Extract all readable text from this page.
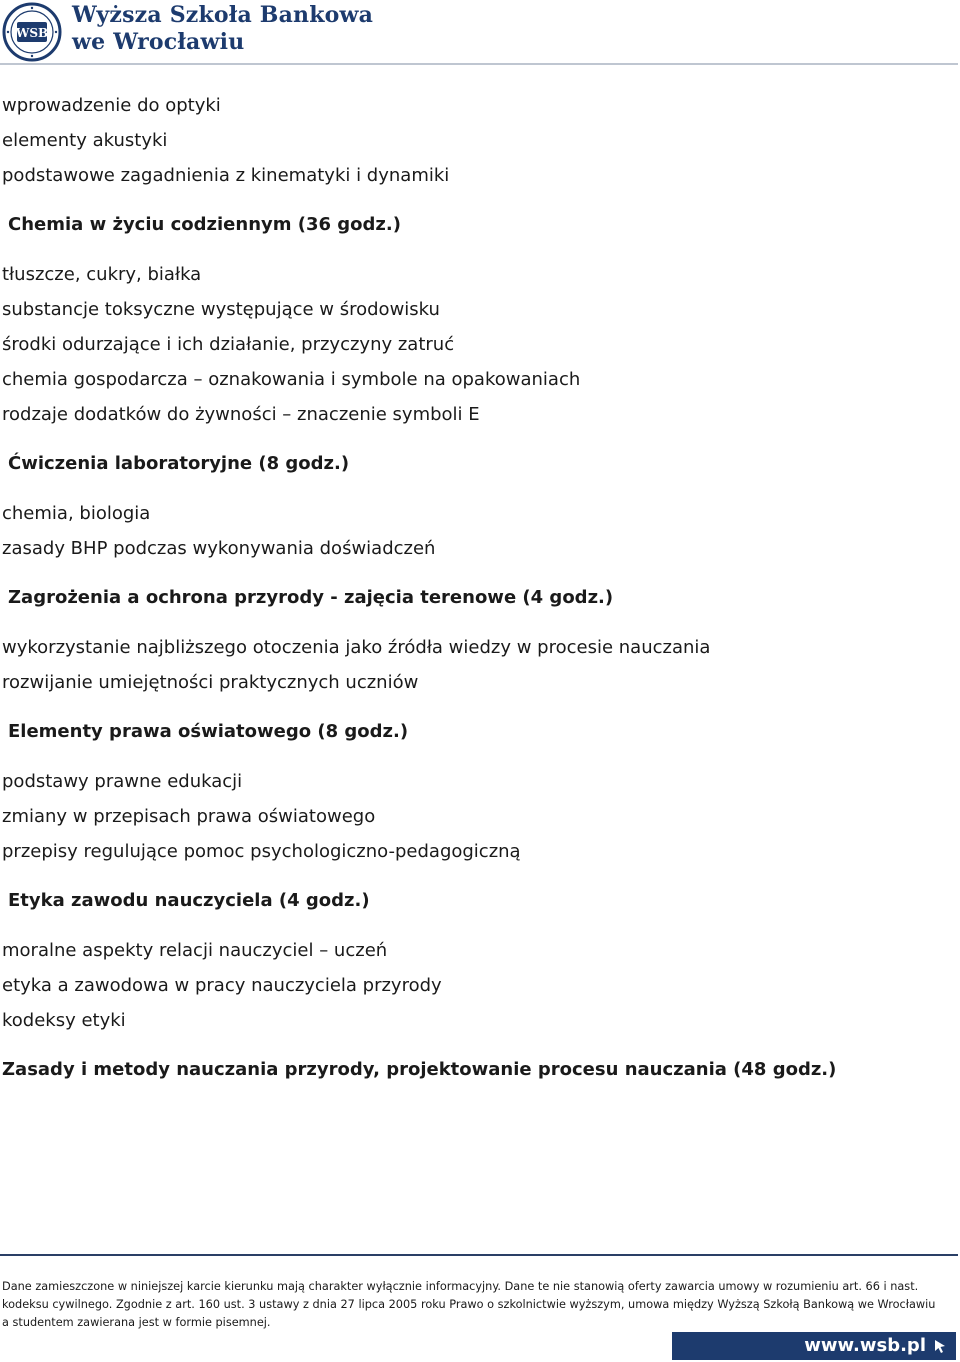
WSB
Wyższa Szkoła Bankowa
we Wrocławiu
wprowadzenie do optyki
elementy akustyki
podstawowe zagadnienia z kinematyki i dynamiki
Chemia w życiu codziennym (36 godz.)
tłuszcze, cukry, białka
substancje toksyczne występujące w środowisku
środki odurzające i ich działanie, przyczyny zatruć
chemia gospodarcza – oznakowania i symbole na opakowaniach
rodzaje dodatków do żywności – znaczenie symboli E
Ćwiczenia laboratoryjne (8 godz.)
chemia, biologia
zasady BHP podczas wykonywania doświadczeń
Zagrożenia a ochrona przyrody - zajęcia terenowe (4 godz.)
wykorzystanie najbliższego otoczenia jako źródła wiedzy w procesie nauczania
rozwijanie umiejętności praktycznych uczniów
Elementy prawa oświatowego (8 godz.)
podstawy prawne edukacji
zmiany w przepisach prawa oświatowego
przepisy regulujące pomoc psychologiczno-pedagogiczną
Etyka zawodu nauczyciela (4 godz.)
moralne aspekty relacji nauczyciel – uczeń
etyka a zawodowa w pracy nauczyciela przyrody
kodeksy etyki
Zasady i metody nauczania przyrody, projektowanie procesu nauczania (48 godz.)
Dane zamieszczone w niniejszej karcie kierunku mają charakter wyłącznie informacyjny. Dane te nie stanowią oferty zawarcia umowy w rozumieniu art. 66 i nast.
kodeksu cywilnego. Zgodnie z art. 160 ust. 3 ustawy z dnia 27 lipca 2005 roku Prawo o szkolnictwie wyższym, umowa między Wyższą Szkołą Bankową we Wrocławiu
a studentem zawierana jest w formie pisemnej.
www.wsb.pl
